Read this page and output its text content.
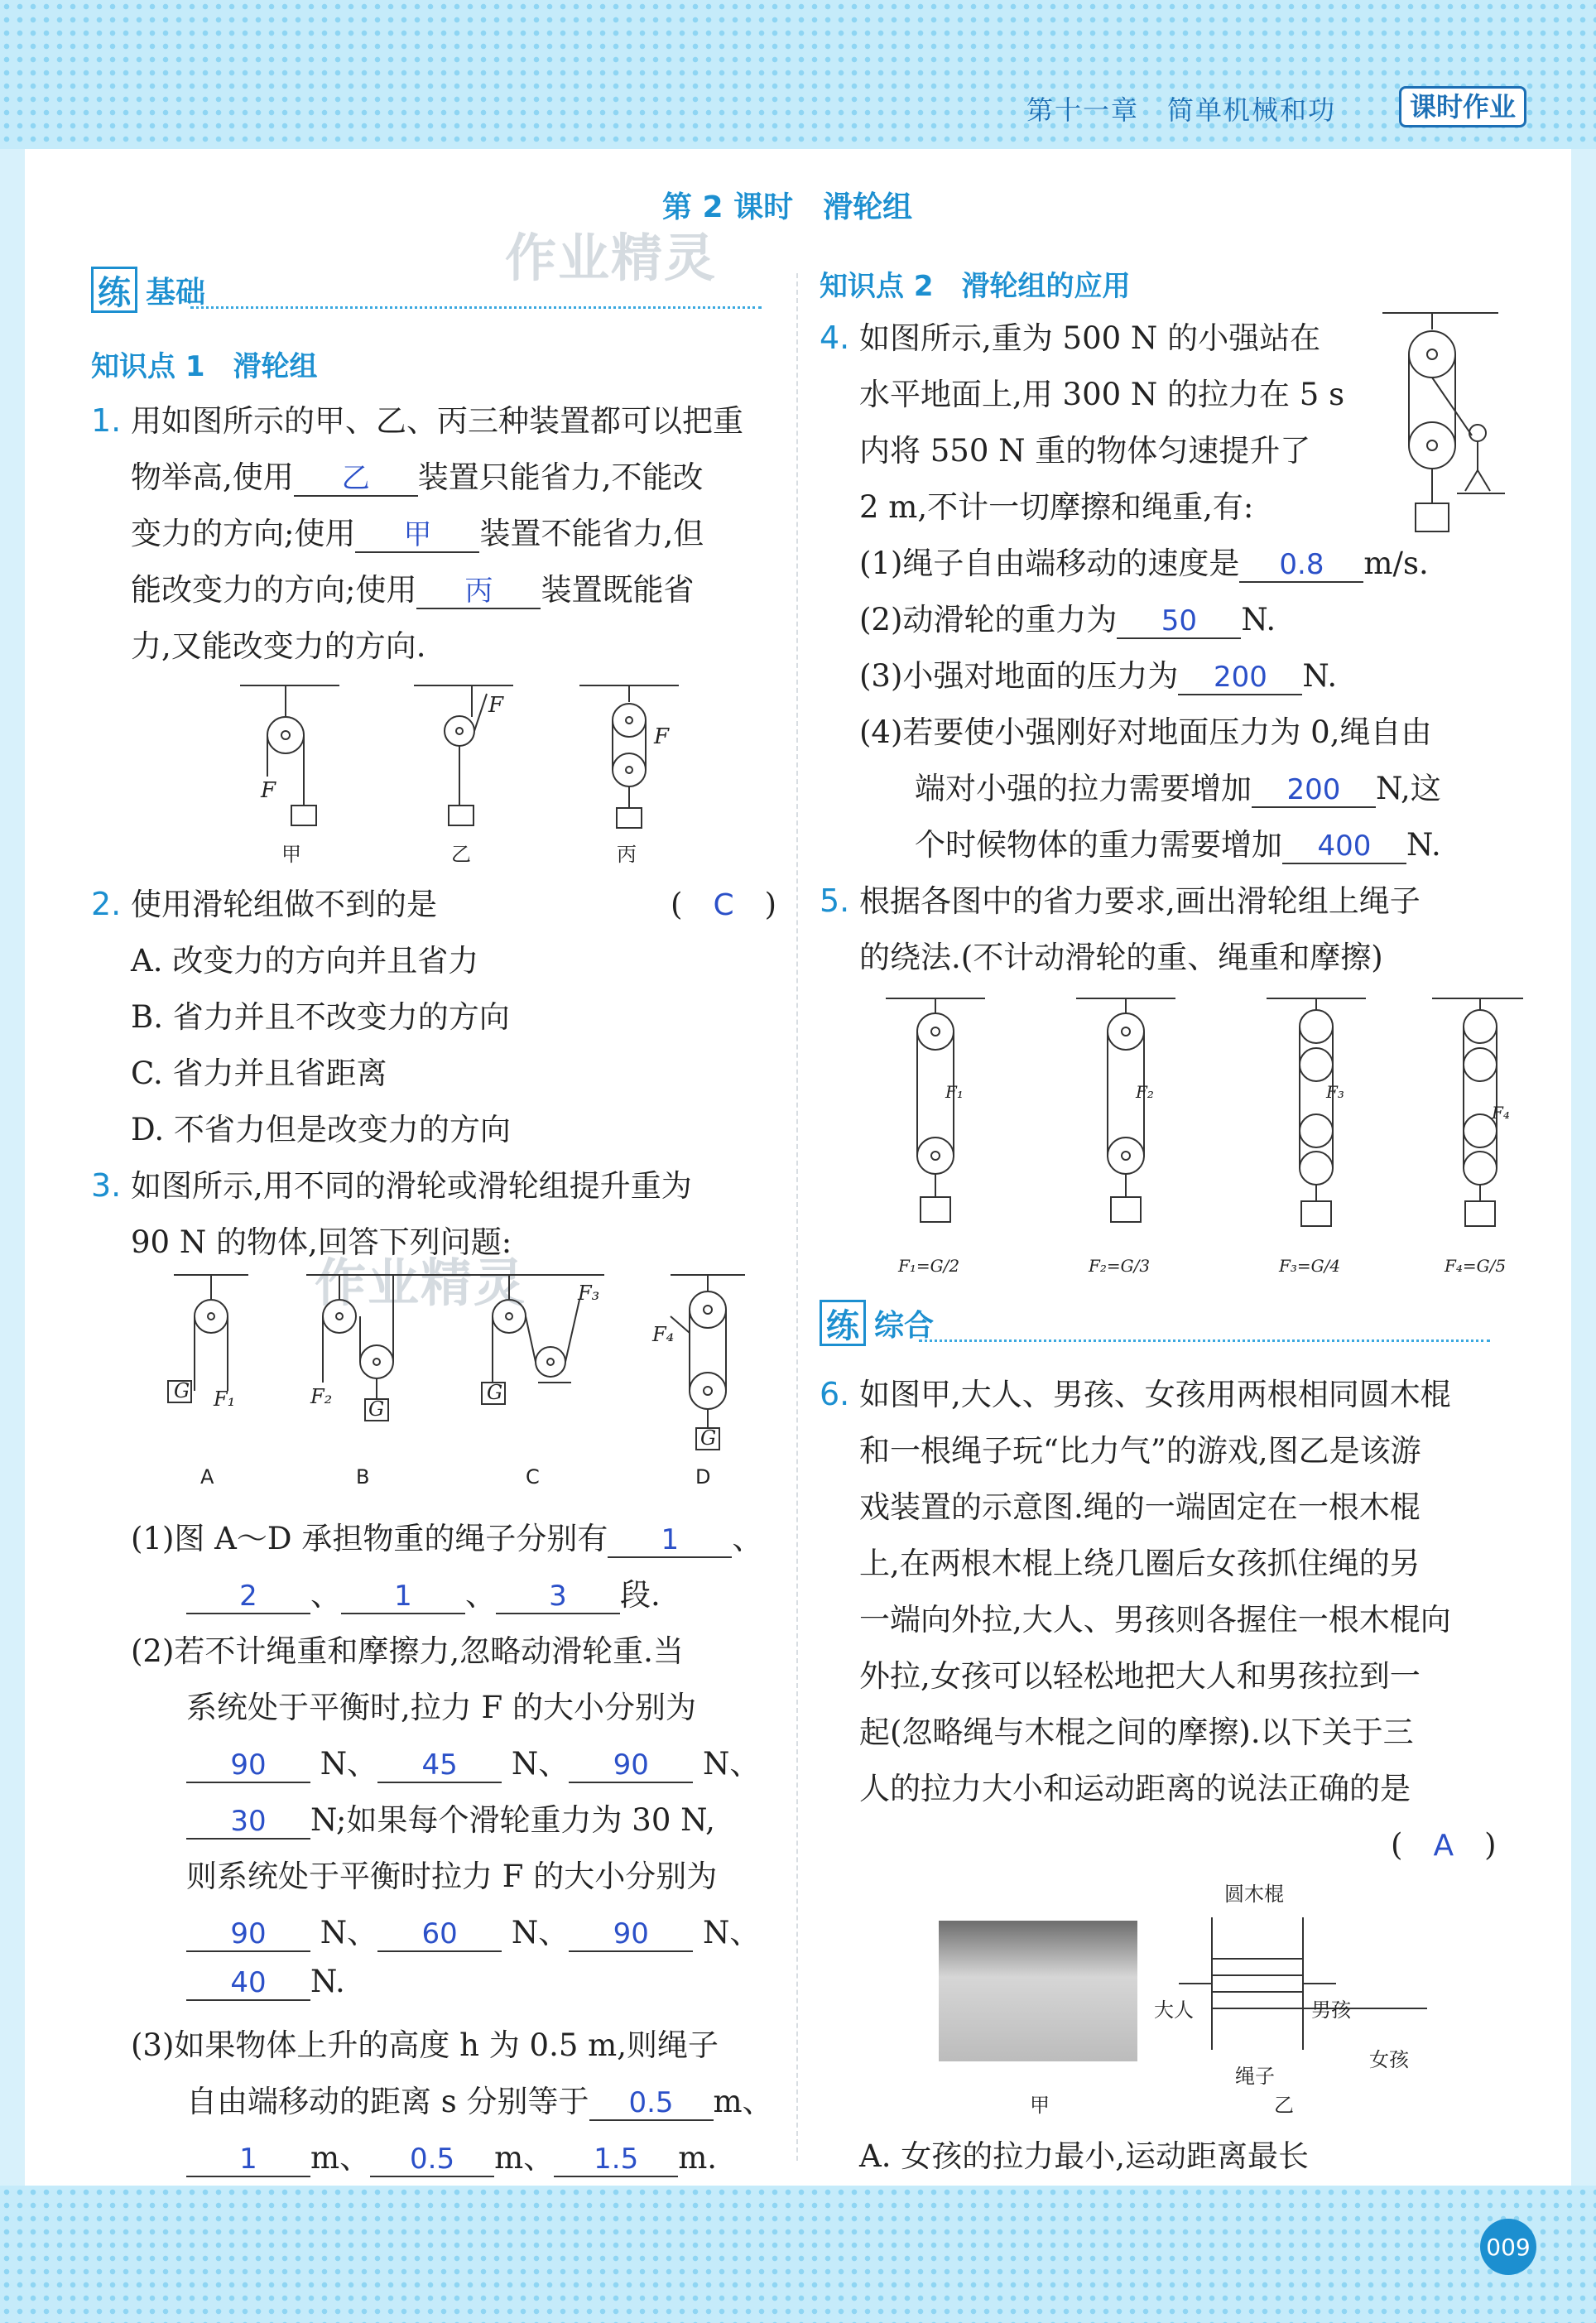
第十一章　简单机械和功	课时作业
第 2 课时　滑轮组
作业精灵
作业精灵
练 基础
知识点 1　滑轮组
1. 用如图所示的甲、乙、丙三种装置都可以把重
物举高,使用 乙 装置只能省力,不能改
变力的方向;使用 甲 装置不能省力,但
能改变力的方向;使用 丙 装置既能省
力,又能改变力的方向.
F
F
F
甲	乙	丙
2. 使用滑轮组做不到的是	(　C　)
A. 改变力的方向并且省力
B. 省力并且不改变力的方向
C. 省力并且省距离
D. 不省力但是改变力的方向
3. 如图所示,用不同的滑轮或滑轮组提升重为
90 N 的物体,回答下列问题:
G
G
G
G
F₁	F₂
F₃
F₄
A	B	C	D
(1)图 A～D 承担物重的绳子分别有 1 、
2 、 1 、 3 段.
(2)若不计绳重和摩擦力,忽略动滑轮重.当
系统处于平衡时,拉力 F 的大小分别为
90 N、 45 N、 90 N、
30 N;如果每个滑轮重力为 30 N,
则系统处于平衡时拉力 F 的大小分别为
90 N、 60 N、 90 N、
40 N.
(3)如果物体上升的高度 h 为 0.5 m,则绳子
自由端移动的距离 s 分别等于 0.5 m、
1 m、 0.5 m、 1.5 m.
知识点 2　滑轮组的应用
4. 如图所示,重为 500 N 的小强站在
水平地面上,用 300 N 的拉力在 5 s
内将 550 N 重的物体匀速提升了
2 m,不计一切摩擦和绳重,有:
(1)绳子自由端移动的速度是 0.8 m/s.
(2)动滑轮的重力为 50 N.
(3)小强对地面的压力为 200 N.
(4)若要使小强刚好对地面压力为 0,绳自由
端对小强的拉力需要增加 200 N,这
个时候物体的重力需要增加 400 N.
5. 根据各图中的省力要求,画出滑轮组上绳子
的绕法.(不计动滑轮的重、绳重和摩擦)
F₁	F₂	F₃
F₄
F₁=G/2	F₂=G/3	F₃=G/4	F₄=G/5
练 综合
6. 如图甲,大人、男孩、女孩用两根相同圆木棍
和一根绳子玩“比力气”的游戏,图乙是该游
戏装置的示意图.绳的一端固定在一根木棍
上,在两根木棍上绕几圈后女孩抓住绳的另
一端向外拉,大人、男孩则各握住一根木棍向
外拉,女孩可以轻松地把大人和男孩拉到一
起(忽略绳与木棍之间的摩擦).以下关于三
人的拉力大小和运动距离的说法正确的是
(　A　)
圆木棍
大人	男孩
女孩
绳子
甲	乙
A. 女孩的拉力最小,运动距离最长
009
